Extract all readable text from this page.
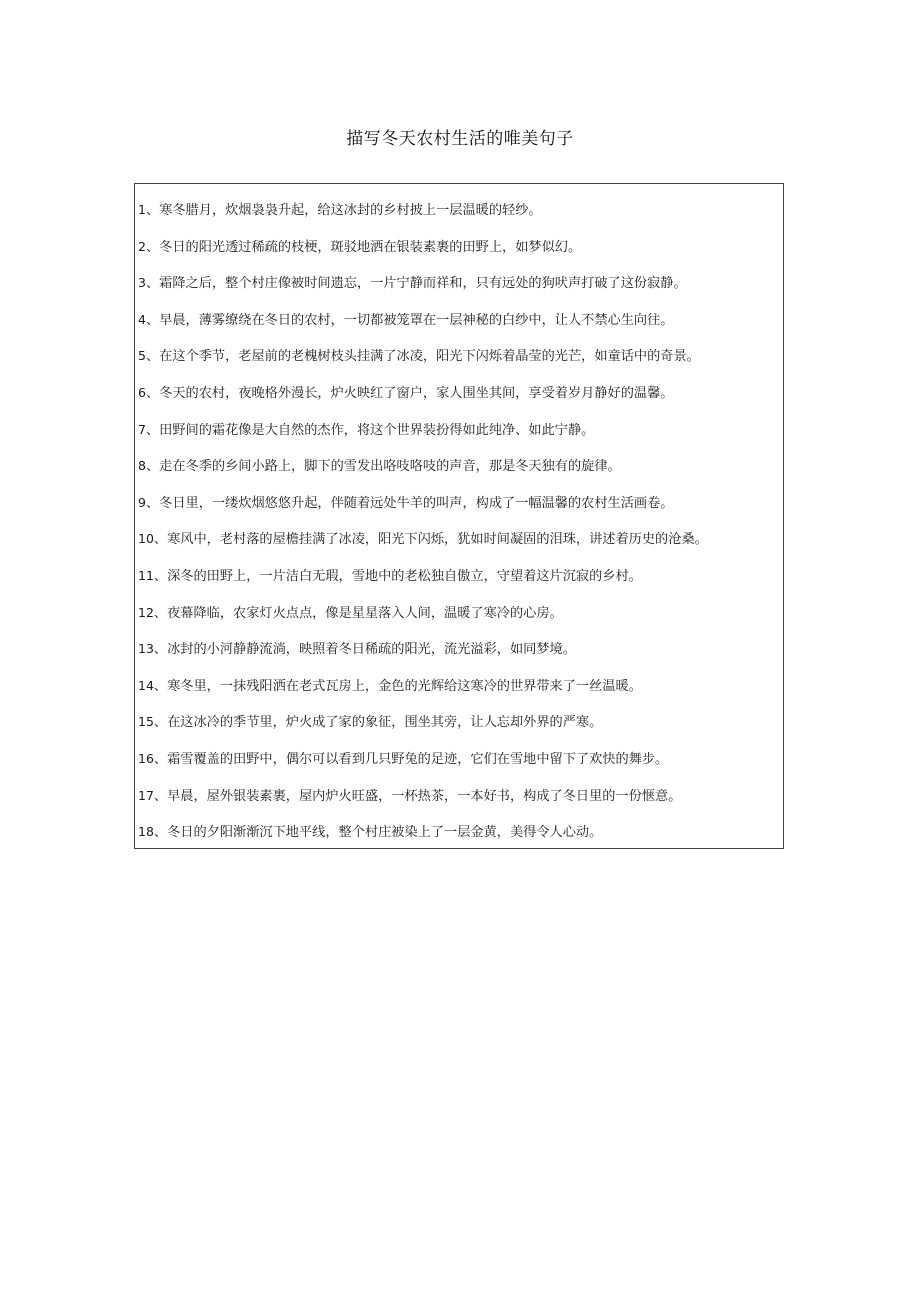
描写冬天农村生活的唯美句子
1、寒冬腊月，炊烟袅袅升起，给这冰封的乡村披上一层温暖的轻纱。
2、冬日的阳光透过稀疏的枝梗，斑驳地洒在银装素裹的田野上，如梦似幻。
3、霜降之后，整个村庄像被时间遗忘，一片宁静而祥和，只有远处的狗吠声打破了这份寂静。
4、早晨，薄雾缭绕在冬日的农村，一切都被笼罩在一层神秘的白纱中，让人不禁心生向往。
5、在这个季节，老屋前的老槐树枝头挂满了冰凌，阳光下闪烁着晶莹的光芒，如童话中的奇景。
6、冬天的农村，夜晚格外漫长，炉火映红了窗户，家人围坐其间，享受着岁月静好的温馨。
7、田野间的霜花像是大自然的杰作，将这个世界装扮得如此纯净、如此宁静。
8、走在冬季的乡间小路上，脚下的雪发出咯吱咯吱的声音，那是冬天独有的旋律。
9、冬日里，一缕炊烟悠悠升起，伴随着远处牛羊的叫声，构成了一幅温馨的农村生活画卷。
10、寒风中，老村落的屋檐挂满了冰凌，阳光下闪烁，犹如时间凝固的泪珠，讲述着历史的沧桑。
11、深冬的田野上，一片洁白无瑕，雪地中的老松独自傲立，守望着这片沉寂的乡村。
12、夜幕降临，农家灯火点点，像是星星落入人间，温暖了寒冷的心房。
13、冰封的小河静静流淌，映照着冬日稀疏的阳光，流光溢彩，如同梦境。
14、寒冬里，一抹残阳洒在老式瓦房上，金色的光辉给这寒冷的世界带来了一丝温暖。
15、在这冰冷的季节里，炉火成了家的象征，围坐其旁，让人忘却外界的严寒。
16、霜雪覆盖的田野中，偶尔可以看到几只野兔的足迹，它们在雪地中留下了欢快的舞步。
17、早晨，屋外银装素裹，屋内炉火旺盛，一杯热茶，一本好书，构成了冬日里的一份惬意。
18、冬日的夕阳渐渐沉下地平线，整个村庄被染上了一层金黄，美得令人心动。
